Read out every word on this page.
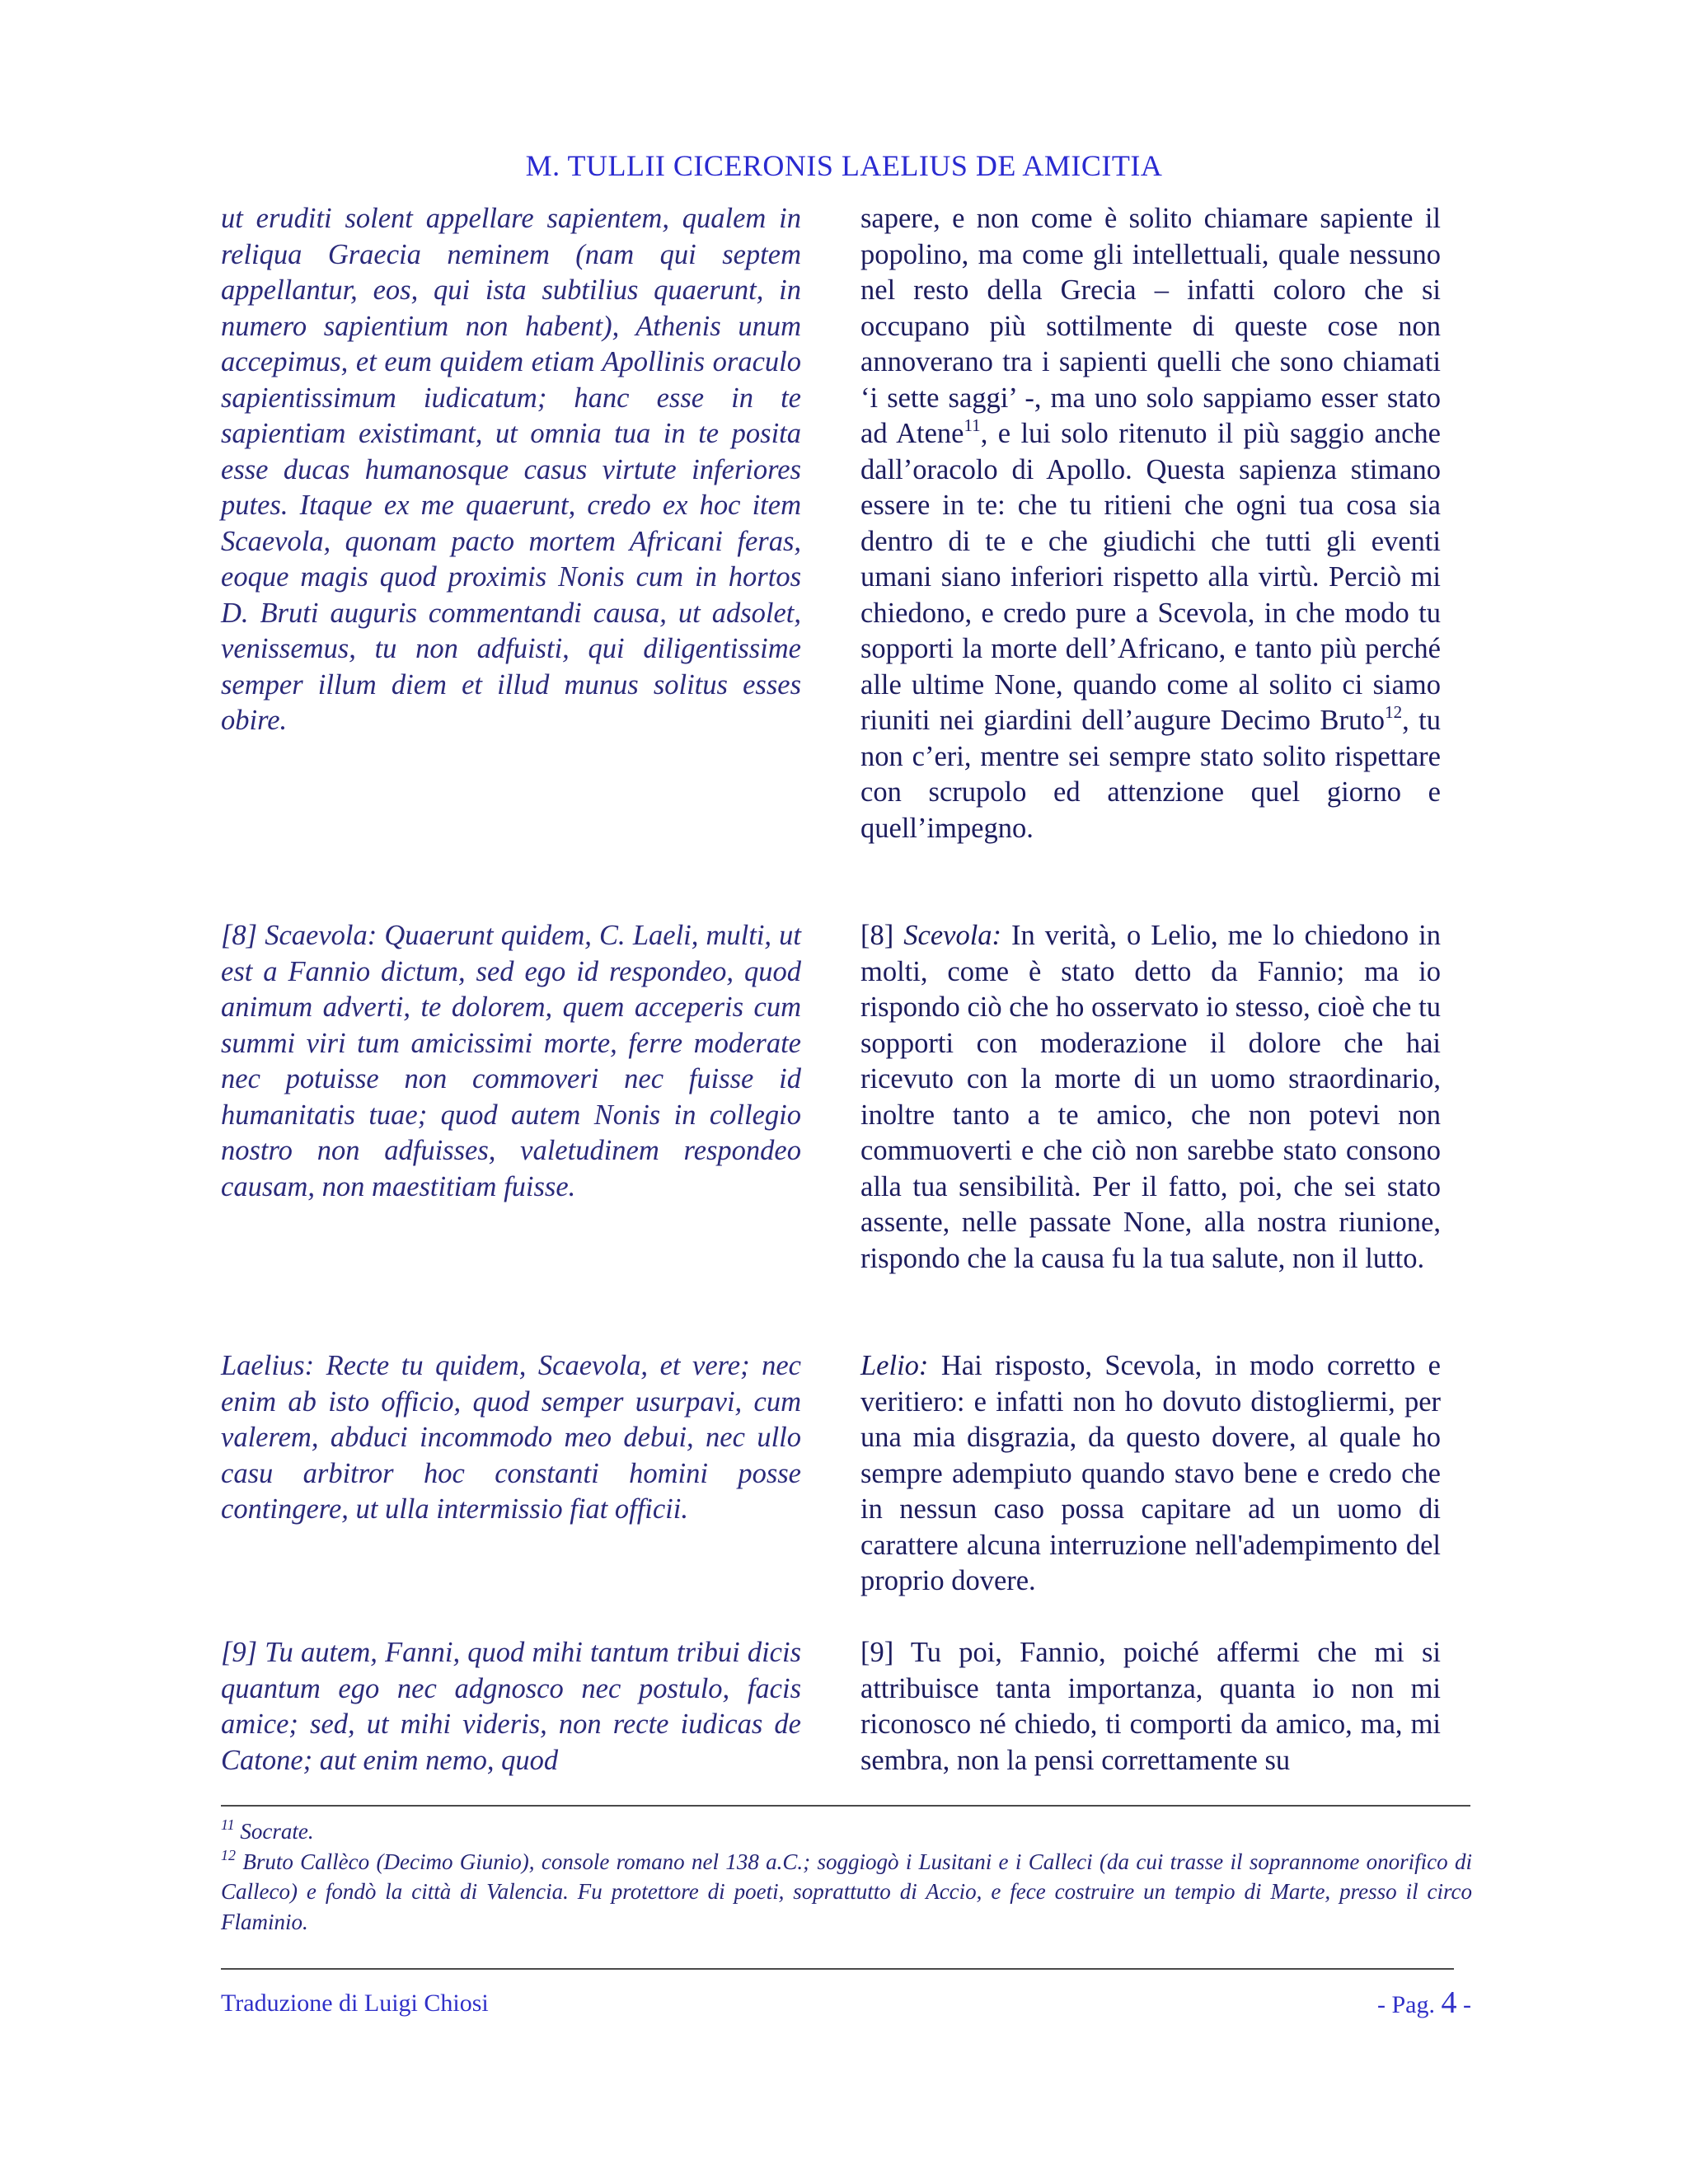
M. TULLII CICERONIS LAELIUS DE AMICITIA
ut eruditi solent appellare sapientem, qualem in reliqua Graecia neminem (nam qui septem appellantur, eos, qui ista subtilius quaerunt, in numero sapientium non habent), Athenis unum accepimus, et eum quidem etiam Apollinis oraculo sapientissimum iudicatum; hanc esse in te sapientiam existimant, ut omnia tua in te posita esse ducas humanosque casus virtute inferiores putes. Itaque ex me quaerunt, credo ex hoc item Scaevola, quonam pacto mortem Africani feras, eoque magis quod proximis Nonis cum in hortos D. Bruti auguris commentandi causa, ut adsolet, venissemus, tu non adfuisti, qui diligentissime semper illum diem et illud munus solitus esses obire.
sapere, e non come è solito chiamare sapiente il popolino, ma come gli intellettuali, quale nessuno nel resto della Grecia – infatti coloro che si occupano più sottilmente di queste cose non annoverano tra i sapienti quelli che sono chiamati ‘i sette saggi’ -, ma uno solo sappiamo esser stato ad Atene$^{11}$, e lui solo ritenuto il più saggio anche dall’oracolo di Apollo. Questa sapienza stimano essere in te: che tu ritieni che ogni tua cosa sia dentro di te e che giudichi che tutti gli eventi umani siano inferiori rispetto alla virtù. Perciò mi chiedono, e credo pure a Scevola, in che modo tu sopporti la morte dell’Africano, e tanto più perché alle ultime None, quando come al solito ci siamo riuniti nei giardini dell’augure Decimo Bruto$^{12}$, tu non c’eri, mentre sei sempre stato solito rispettare con scrupolo ed attenzione quel giorno e quell’impegno.
[8] Scaevola: Quaerunt quidem, C. Laeli, multi, ut est a Fannio dictum, sed ego id respondeo, quod animum adverti, te dolorem, quem acceperis cum summi viri tum amicissimi morte, ferre moderate nec potuisse non commoveri nec fuisse id humanitatis tuae; quod autem Nonis in collegio nostro non adfuisses, valetudinem respondeo causam, non maestitiam fuisse.
[8] Scevola: In verità, o Lelio, me lo chiedono in molti, come è stato detto da Fannio; ma io rispondo ciò che ho osservato io stesso, cioè che tu sopporti con moderazione il dolore che hai ricevuto con la morte di un uomo straordinario, inoltre tanto a te amico, che non potevi non commuoverti e che ciò non sarebbe stato consono alla tua sensibilità. Per il fatto, poi, che sei stato assente, nelle passate None, alla nostra riunione, rispondo che la causa fu la tua salute, non il lutto.
Laelius: Recte tu quidem, Scaevola, et vere; nec enim ab isto officio, quod semper usurpavi, cum valerem, abduci incommodo meo debui, nec ullo casu arbitror hoc constanti homini posse contingere, ut ulla intermissio fiat officii.
Lelio: Hai risposto, Scevola, in modo corretto e veritiero: e infatti non ho dovuto distogliermi, per una mia disgrazia, da questo dovere, al quale ho sempre adempiuto quando stavo bene e credo che in nessun caso possa capitare ad un uomo di carattere alcuna interruzione nell'adempimento del proprio dovere.
[9] Tu autem, Fanni, quod mihi tantum tribui dicis quantum ego nec adgnosco nec postulo, facis amice; sed, ut mihi videris, non recte iudicas de Catone; aut enim nemo, quod
[9] Tu poi, Fannio, poiché affermi che mi si attribuisce tanta importanza, quanta io non mi riconosco né chiedo, ti comporti da amico, ma, mi sembra, non la pensi correttamente su

$^{11}$ Socrate.

$^{12}$ Bruto Callèco (Decimo Giunio), console romano nel 138 a.C.; soggiogò i Lusitani e i Calleci (da cui trasse il soprannome onorifico di Calleco) e fondò la città di Valencia. Fu protettore di poeti, soprattutto di Accio, e fece costruire un tempio di Marte, presso il circo Flaminio.

Traduzione di Luigi Chiosi	- Pag. 4 -
